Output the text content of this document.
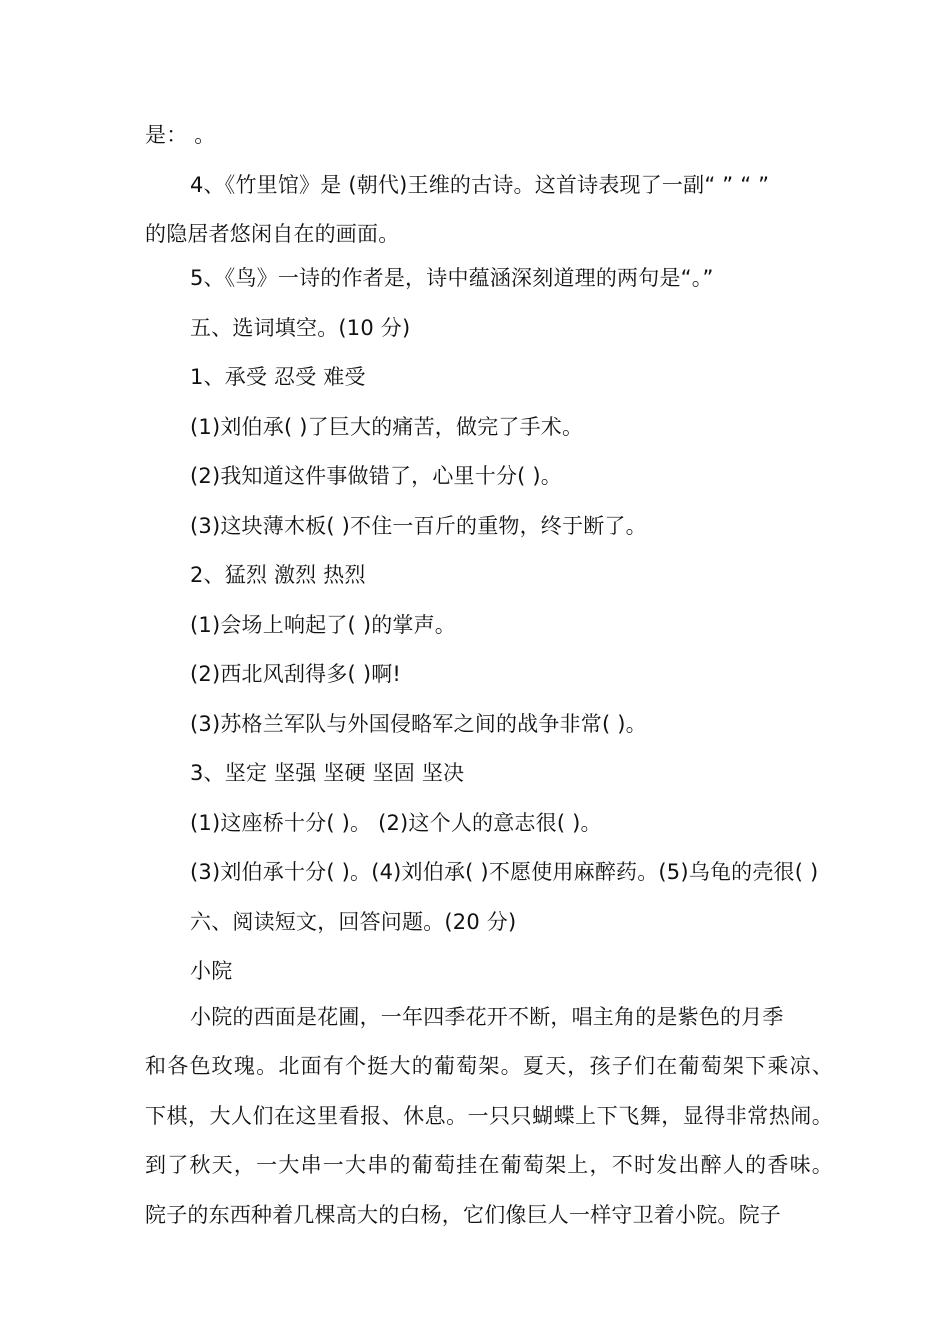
是： 。
4、《竹里馆》是 (朝代)王维的古诗。这首诗表现了一副“ ” “ ”
的隐居者悠闲自在的画面。
5、《鸟》一诗的作者是，诗中蕴涵深刻道理的两句是“。”
五、选词填空。(10 分)
1、承受 忍受 难受
(1)刘伯承( )了巨大的痛苦，做完了手术。
(2)我知道这件事做错了，心里十分( )。
(3)这块薄木板( )不住一百斤的重物，终于断了。
2、猛烈 激烈 热烈
(1)会场上响起了( )的掌声。
(2)西北风刮得多( )啊!
(3)苏格兰军队与外国侵略军之间的战争非常( )。
3、坚定 坚强 坚硬 坚固 坚决
(1)这座桥十分( )。 (2)这个人的意志很( )。
(3)刘伯承十分( )。(4)刘伯承( )不愿使用麻醉药。(5)乌龟的壳很( )
六、阅读短文，回答问题。(20 分)
小院
小院的西面是花圃，一年四季花开不断，唱主角的是紫色的月季
和各色玫瑰。北面有个挺大的葡萄架。夏天，孩子们在葡萄架下乘凉、
下棋，大人们在这里看报、休息。一只只蝴蝶上下飞舞，显得非常热闹。
到了秋天，一大串一大串的葡萄挂在葡萄架上，不时发出醉人的香味。
院子的东西种着几棵高大的白杨，它们像巨人一样守卫着小院。院子
